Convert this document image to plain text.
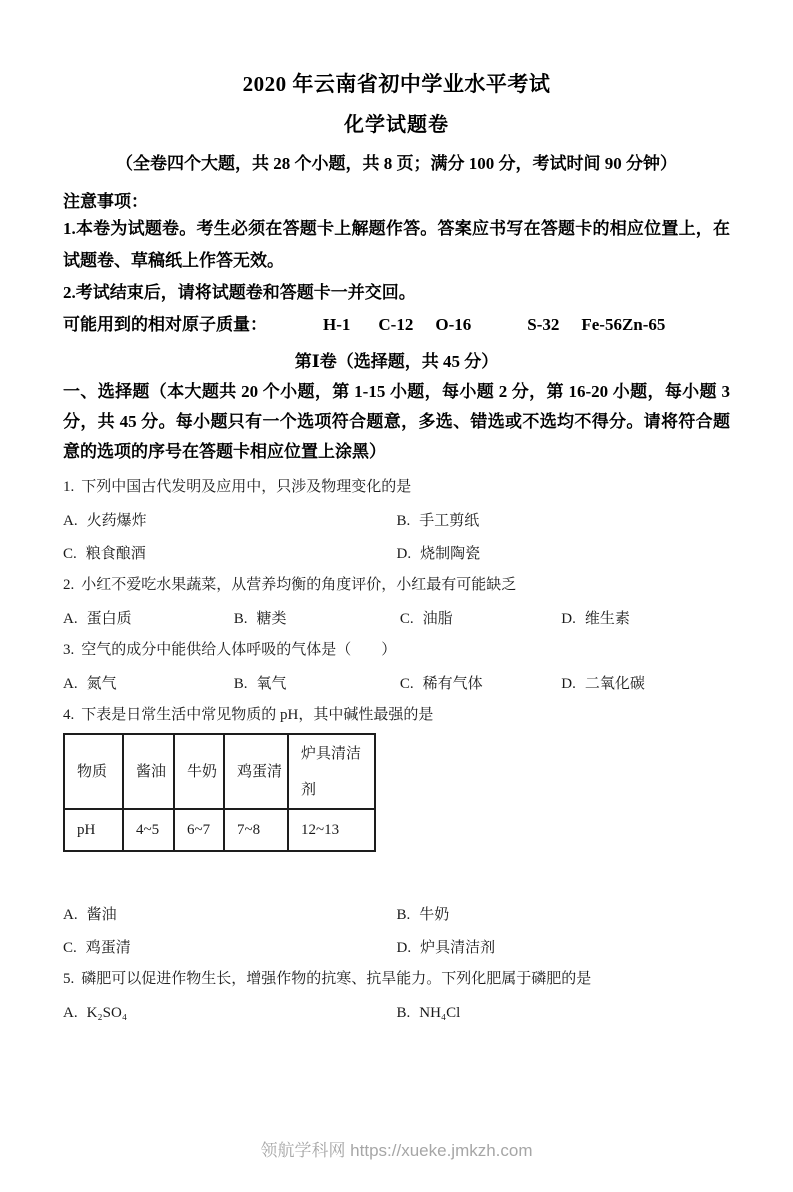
2020 年云南省初中学业水平考试
化学试题卷
（全卷四个大题，共 28 个小题，共 8 页；满分 100 分，考试时间 90 分钟）
注意事项：

1.本卷为试题卷。考生必须在答题卡上解题作答。答案应书写在答题卡的相应位置上，在试题卷、草稿纸上作答无效。

2.考试结束后，请将试题卷和答题卡一并交回。

可能用到的相对原子质量：	H-1 C-12 O-16	S-32 Fe-56Zn-65

第Ⅰ卷（选择题，共 45 分）

一、选择题（本大题共 20 个小题，第 1-15 小题，每小题 2 分，第 16-20 小题，每小题 3 分，共 45 分。每小题只有一个选项符合题意，多选、错选或不选均不得分。请将符合题意的选项的序号在答题卡相应位置上涂黑）

1. 下列中国古代发明及应用中，只涉及物理变化的是
A. 火药爆炸	B. 手工剪纸
C. 粮食酿酒	D. 烧制陶瓷
2. 小红不爱吃水果蔬菜，从营养均衡的角度评价，小红最有可能缺乏
A. 蛋白质	B. 糖类	C. 油脂	D. 维生素
3. 空气的成分中能供给人体呼吸的气体是（　　）
A. 氮气	B. 氧气	C. 稀有气体	D. 二氧化碳
4. 下表是日常生活中常见物质的 pH，其中碱性最强的是
物质	酱油	牛奶	鸡蛋清	炉具清洁剂
pH	4~5	6~7	7~8	12~13
A. 酱油	B. 牛奶
C. 鸡蛋清	D. 炉具清洁剂
5. 磷肥可以促进作物生长，增强作物的抗寒、抗旱能力。下列化肥属于磷肥的是
A. K₂SO₄	B. NH₄Cl
领航学科网 https://xueke.jmkzh.com
